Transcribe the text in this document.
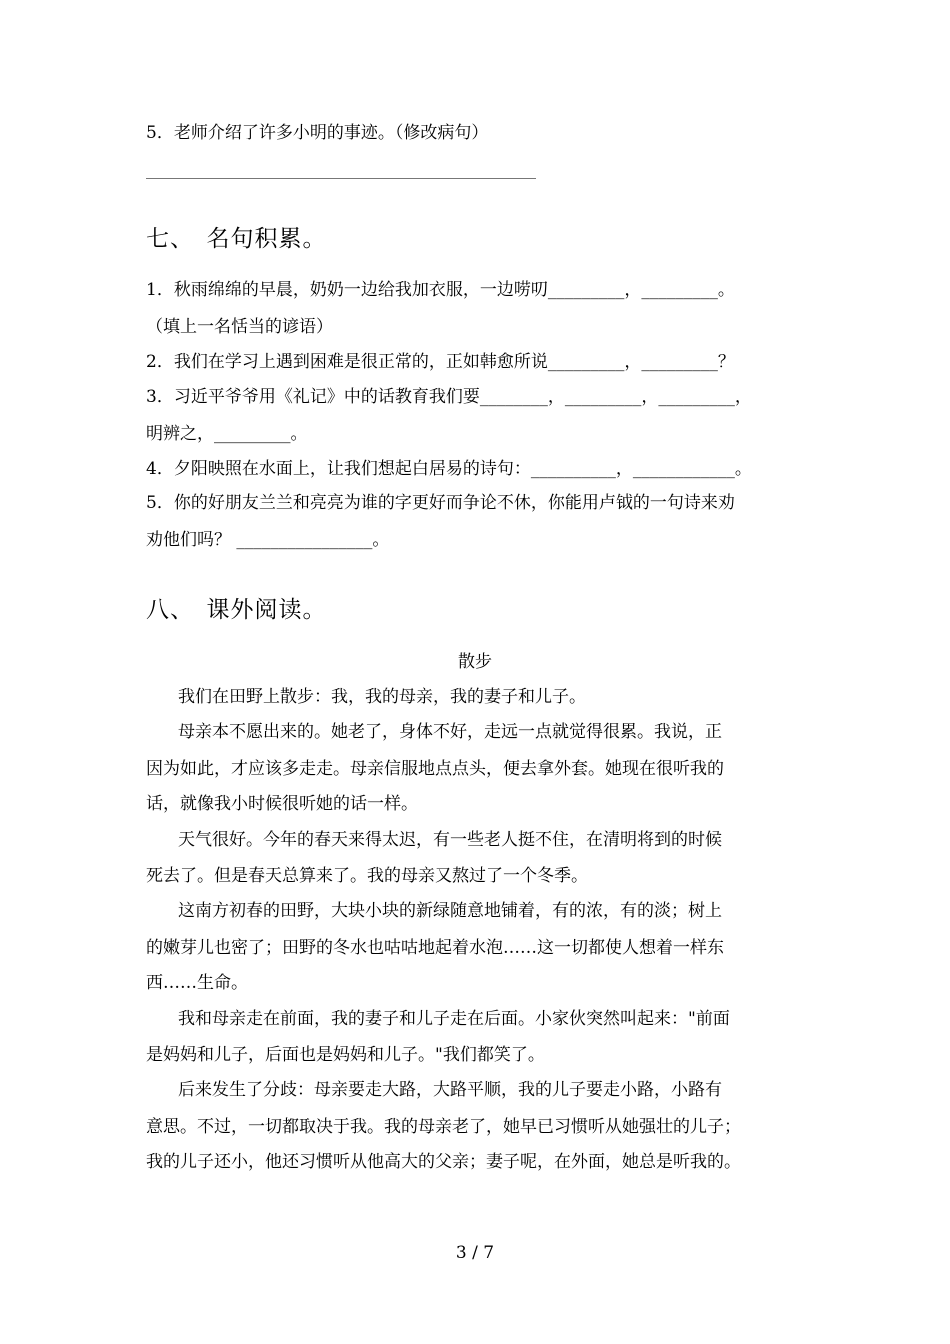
5．老师介绍了许多小明的事迹。（修改病句）
七、　名句积累。
1．秋雨绵绵的早晨，奶奶一边给我加衣服，一边唠叨_________，_________。
（填上一名恬当的谚语）
2．我们在学习上遇到困难是很正常的，正如韩愈所说_________，_________？
3．习近平爷爷用《礼记》中的话教育我们要________，_________，_________，
明辨之，_________。
4．夕阳映照在水面上，让我们想起白居易的诗句：__________，____________。
5．你的好朋友兰兰和亮亮为谁的字更好而争论不休，你能用卢钺的一句诗来劝
劝他们吗？ ________________。
八、　课外阅读。
散步
我们在田野上散步：我，我的母亲，我的妻子和儿子。
母亲本不愿出来的。她老了，身体不好，走远一点就觉得很累。我说，正
因为如此，才应该多走走。母亲信服地点点头，便去拿外套。她现在很听我的
话，就像我小时候很听她的话一样。
天气很好。今年的春天来得太迟，有一些老人挺不住，在清明将到的时候
死去了。但是春天总算来了。我的母亲又熬过了一个冬季。
这南方初春的田野，大块小块的新绿随意地铺着，有的浓，有的淡；树上
的嫩芽儿也密了；田野的冬水也咕咕地起着水泡……这一切都使人想着一样东
西……生命。
我和母亲走在前面，我的妻子和儿子走在后面。小家伙突然叫起来："前面
是妈妈和儿子，后面也是妈妈和儿子。"我们都笑了。
后来发生了分歧：母亲要走大路，大路平顺，我的儿子要走小路，小路有
意思。不过，一切都取决于我。我的母亲老了，她早已习惯听从她强壮的儿子；
我的儿子还小，他还习惯听从他高大的父亲；妻子呢，在外面，她总是听我的。
3 / 7
